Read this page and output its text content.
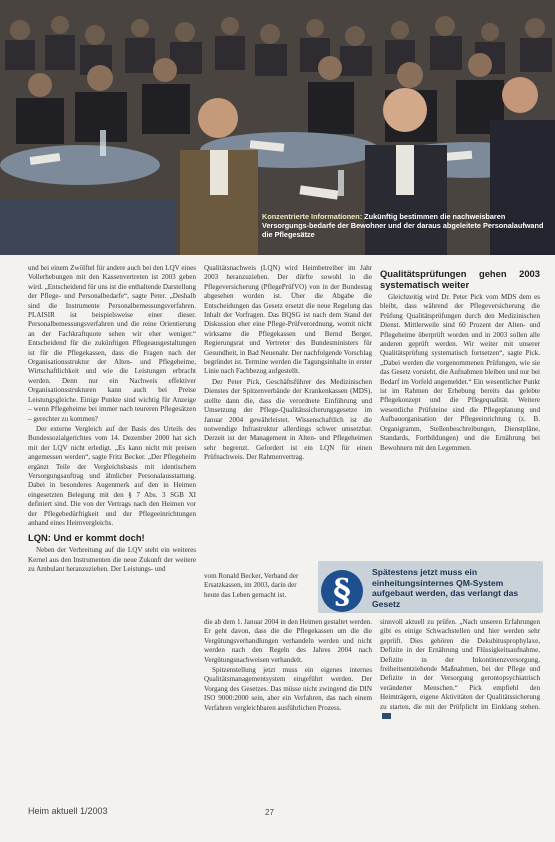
Konzentrierte Informationen: Zukünftig bestimmen die nachweisbaren Versorgungs-bedarfe der Bewohner und der daraus abgeleitete Personalaufwand die Pflegesätze

und bei einem Zwölftel für andere auch bei den LQV eines Vollerhebungen mit den Kassenvertreten ist 2003 geben wird. „Entscheidend für uns ist die enthaltende Darstellung der Pflege- und Personalbedarfe“, sagte Peter. „Deshalb sind die Instrumente Personalbemessungsverfahren. PLAISIR ist beispielsweise einer dieser. Personalbemessungsverfahren und die reine Orientierung an der Fachkraftquote sehen wir eher weniger.“ Entscheidend für die zukünftigen Pflegeausgestaltungen ist für die Pflegekassen, dass die Fragen nach der Organisationsstruktur der Alten- und Pflegeheime, Wirtschaftlichkeit und wie die Leistungen erbracht werden. Denn nur ein Nachweis effektiver Organisationsstrukturen kann auch bei Preise Leistungsgleiche. Einige Punkte sind wichtig für Anzeige – wenn Pflegeheime bei immer nach teureren Pflegesätzen – gerechter zu kommen?

Der externe Vergleich auf der Basis des Urteils des Bundessozialgerichtes vom 14. Dezember 2000 hat sich mit der LQV nicht erledigt. „Es kann nicht mit preisen angemessen werden“, sagte Fritz Becker. „Der Pflegeheim ergänzt Teile der Vergleichsbasis mit identischem Versorgungsauftrag und ähnlicher Personalausstattung. Dabei in besonderes Augenmerk auf den in Heimen eingesetzten Belegung mit den § 7 Abs. 3 SGB XI definiert sind. Die von der Vertrags nach den Heimen vor der Pflegebedürftigkeit und der Pflegeeinrichtungen anhand eines Heimvergleichs.

LQN: Und er kommt doch!

Neben der Verbreitung auf die LQV steht ein weiteres Kernel aus den Instrumenten die neue Zukunft der weitere zu Ambulant heranzuziehen. Der Leistungs- und

Qualitätsnachweis (LQN) wird Heimbetreiber im Jahr 2003 heranzuziehen. Der dürfte sowohl in die Pflegeversicherung (PflegePrüfVO) von in der Bundestag abgesehen worden ist. Über die Abgabe die Entscheidungen das Gesetz ersetzt die neue Regelung das Inhalt der Vorfragen. Das BQSG ist nach dem Stand der Diskussion eher eine Pflege-Prüfverordnung, womit nicht wirksame die Pflegekassen und Bernd Berger, Regierungsrat und Vertreter des Bundesministers für Gesundheit, in Bad Neuenahr. Der nachfolgende Vorschlag begründet ist. Termine werden die Tagungsinhalte in erster Linie nach Fachbezug aufgestellt.

Der Peter Pick, Geschäftsführer des Medizinischen Dienstes der Spitzenverbände der Krankenkassen (MDS), stellte dann die, dass die verordnete Einführung und Umsetzung der Pflege-Qualitätssicherungsgesetze im Januar 2004 gewährleistet. Wissenschaftlich ist die notwendige Infrastruktur allerdings schwer umsetzbar. Derzeit ist der Management in Alten- und Pflegeheimen sehr begrenzt. Gefordert ist ein LQN für einen Prüfnachweis. Der Rahmenvertrag.

vom Ronald Becker, Verband der Ersatzkassen, im 2003, darin der heute das Leben gemacht ist.

die ab dem 1. Januar 2004 in den Heimen gestaltet werden. Er geht davon, dass die die Pflegekassen um die die Vergütungsverhandlungen verhandeln werden und nicht werden nach den Regeln des Jahres 2004 nach Vergütungsnachweisen verhandelt.

Spitzenstellung jetzt muss ein eigenes internes Qualitätsmanagementsystem eingeführt werden. Der Vorgang des Gesetzes. Das müsse nicht zwingend die DIN ISO 9000:2000 sein, aber ein Verfahren, das nach einem Verfahren vergleichbaren ausführlichen Prozess.

Qualitätsprüfungen gehen 2003 systematisch weiter

Gleichzeitig wird Dr. Peter Pick vom MDS dem es bleibt, dass während der Pflegeversicherung die Prüfung Qualitätsprüfungen durch den Medizinischen Dienst. Mittlerweile sind 60 Prozent der Alten- und Pflegeheime überprüft worden und in 2003 sollen alle anderen geprüft werden. Wir weiter mit unserer Qualitätsprüfung systematisch fortsetzen“, sagte Pick. „Dabei werden die vorgenommenen Prüfungen, wie sie das Gesetz vorsieht, die Aufnahmen bleiben und nur bei Bedarf im Vorfeld angemeldet.“ Ein wesentlicher Punkt ist im Rahmen der Erhebung bereits das gelebte Pflegekonzept und die Pflegequalität. Weitere wesentliche Prüfsteine sind die Pflegeplanung und Aufbauorganisation der Pflegeeinrichtung (z. B. Organigramm, Stellenbeschreibungen, Dienstpläne, Standards, Fortbildungen) und die Ernährung bei Bewohnern mit den Legemmen.

sinnvoll aktuell zu prüfen. „Nach unseren Erfahrungen gibt es einige Schwachstellen und hier werden sehr geprüft. Dies gehören die Dekubitusprophylaxe, Defizite in der Ernährung und Flüssigkeitsaufnahme, Defizite in der Inkontinenzversorgung, freiheitsentziehende Maßnahmen, bei der Pflege und Defizite in der Versorgung gerontopsychiatrisch veränderter Menschen.“ Pick empfiehl den Heimträgern, eigene Aktivitäten der Qualitätssicherung zu starten, die mit der Prüfplicht im Einklang stehen.

§ Spätestens jetzt muss ein einheitungsinternes QM-System aufgebaut werden, das verlangt das Gesetz
Heim aktuell 1/2003	27
